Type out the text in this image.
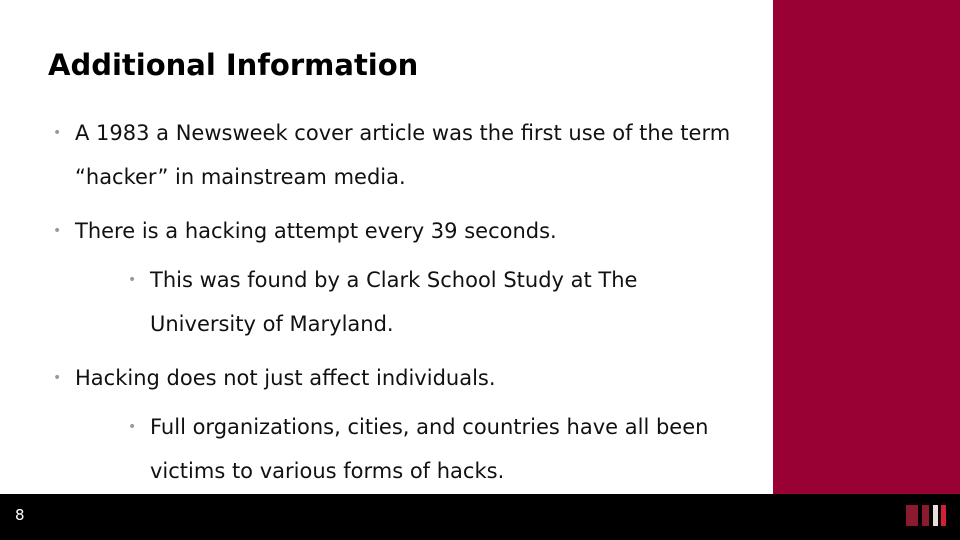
Additional Information
• A 1983 a Newsweek cover article was the first use of the term “hacker” in mainstream media.
• There is a hacking attempt every 39 seconds.
• This was found by a Clark School Study at The University of Maryland.
• Hacking does not just affect individuals.
• Full organizations, cities, and countries have all been victims to various forms of hacks.
8
